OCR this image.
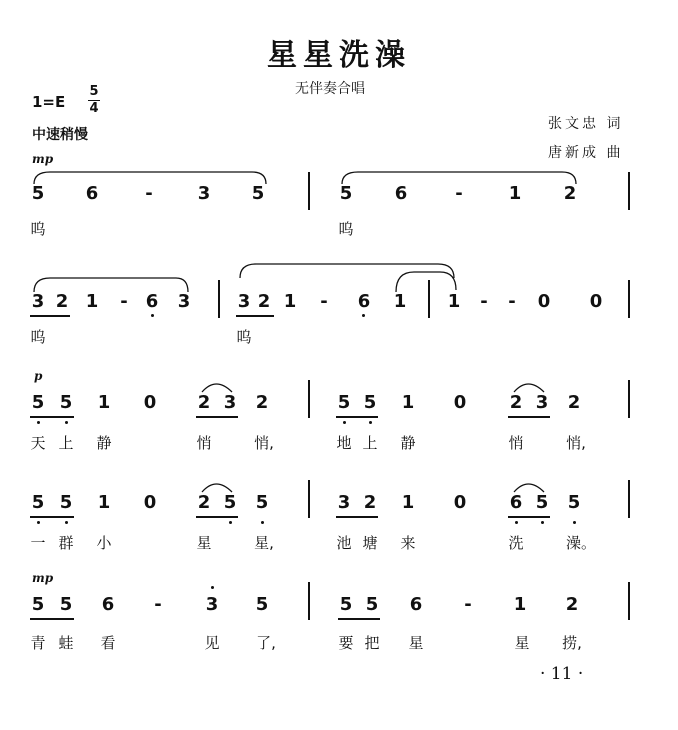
星星洗澡
无伴奏合唱
1=E
5
4
中速稍慢
张文忠 词
唐新成 曲
mp
p
mp
5 6	-	3 5	5 6	-	1 2
呜	呜
3 2 1 - 6 3	3 2 1 - 6 1 1 - - 0 0
呜	呜
5 5 1 0 2 3 2	5 5 1 0 2 3 2
天 上 静	悄	悄,	地 上 静	悄	悄,
5 5 1 0 2 5 5	3 2 1 0 6 5 5
一 群 小	星	星,	池 塘 来	洗	澡。
5 5 6 - 3 5	5 5 6 - 1 2
青 蛙 看	见 了,	要 把 星	星 捞,
· 11 ·
